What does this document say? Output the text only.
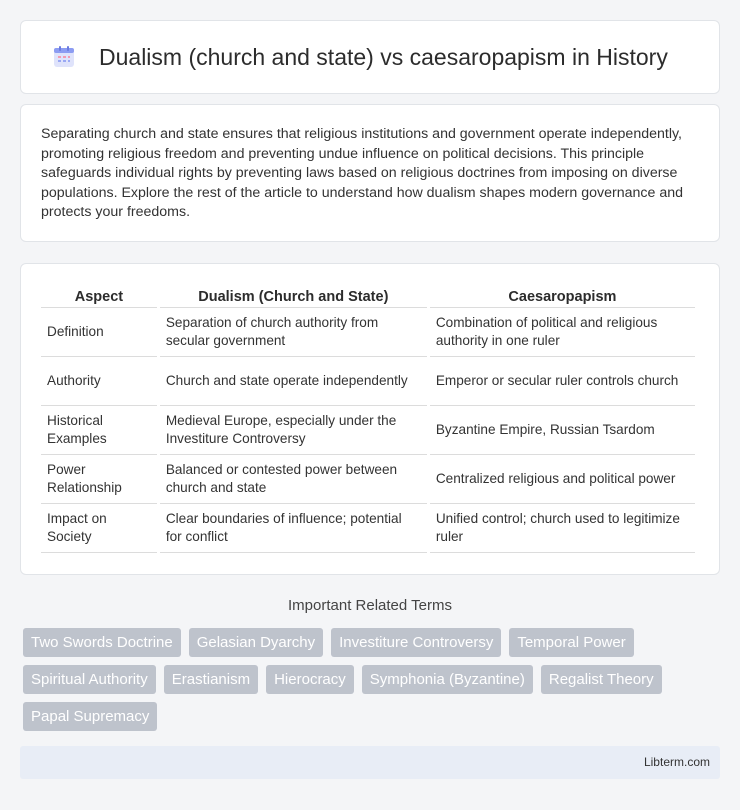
Dualism (church and state) vs caesaropapism in History

Separating church and state ensures that religious institutions and government operate independently, promoting religious freedom and preventing undue influence on political decisions. This principle safeguards individual rights by preventing laws based on religious doctrines from imposing on diverse populations. Explore the rest of the article to understand how dualism shapes modern governance and protects your freedoms.

Aspect	Dualism (Church and State)	Caesaropapism
Definition	Separation of church authority from secular government	Combination of political and religious authority in one ruler
Authority	Church and state operate independently	Emperor or secular ruler controls church
Historical Examples	Medieval Europe, especially under the Investiture Controversy	Byzantine Empire, Russian Tsardom
Power Relationship	Balanced or contested power between church and state	Centralized religious and political power
Impact on Society	Clear boundaries of influence; potential for conflict	Unified control; church used to legitimize ruler
Important Related Terms
Two Swords Doctrine	Gelasian Dyarchy	Investiture Controversy	Temporal Power
Spiritual Authority	Erastianism	Hierocracy	Symphonia (Byzantine)	Regalist Theory
Papal Supremacy
Libterm.com
